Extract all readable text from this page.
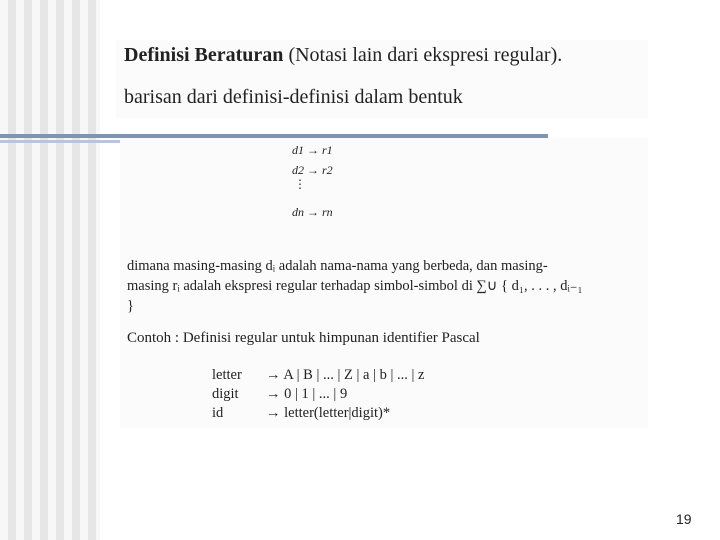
Definisi Beraturan (Notasi lain dari ekspresi regular).
barisan dari definisi-definisi dalam bentuk
d1 → r1
d2 → r2
⋮
dn → rn
dimana masing-masing dᵢ adalah nama-nama yang berbeda, dan masing-
masing rᵢ adalah ekspresi regular terhadap simbol-simbol di ∑∪ { d₁, . . . , dᵢ₋₁
}
Contoh : Definisi regular untuk himpunan identifier Pascal
letter	→ A | B | ... | Z | a | b | ... | z
digit	→ 0 | 1 | ... | 9
id	→ letter(letter|digit)*
19
